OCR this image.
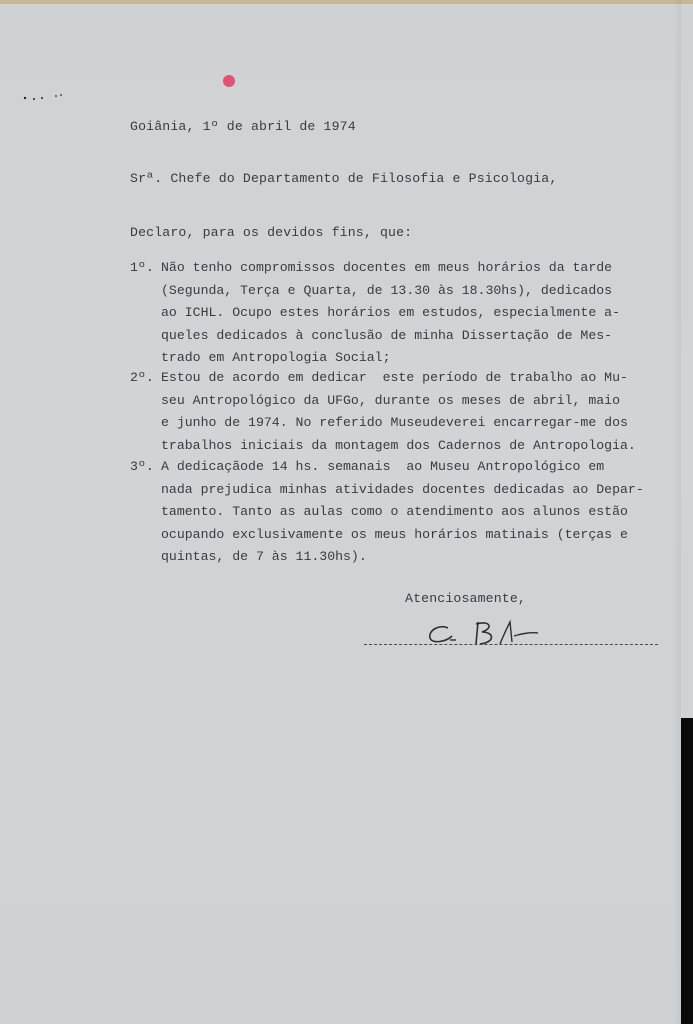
Goiânia, 1º de abril de 1974
Srª. Chefe do Departamento de Filosofia e Psicologia,
Declaro, para os devidos fins, que:
1º. Não tenho compromissos docentes em meus horários da tarde
(Segunda, Terça e Quarta, de 13.30 às 18.30hs), dedicados
ao ICHL. Ocupo estes horários em estudos, especialmente a-
queles dedicados à conclusão de minha Dissertação de Mes-
trado em Antropologia Social;
2º. Estou de acordo em dedicar  este período de trabalho ao Mu-
seu Antropológico da UFGo, durante os meses de abril, maio
e junho de 1974. No referido Museudeverei encarregar-me dos
trabalhos iniciais da montagem dos Cadernos de Antropologia.
3º. A dedicaçãode 14 hs. semanais  ao Museu Antropológico em
nada prejudica minhas atividades docentes dedicadas ao Depar-
tamento. Tanto as aulas como o atendimento aos alunos estão
ocupando exclusivamente os meus horários matinais (terças e
quintas, de 7 às 11.30hs).
Atenciosamente,
